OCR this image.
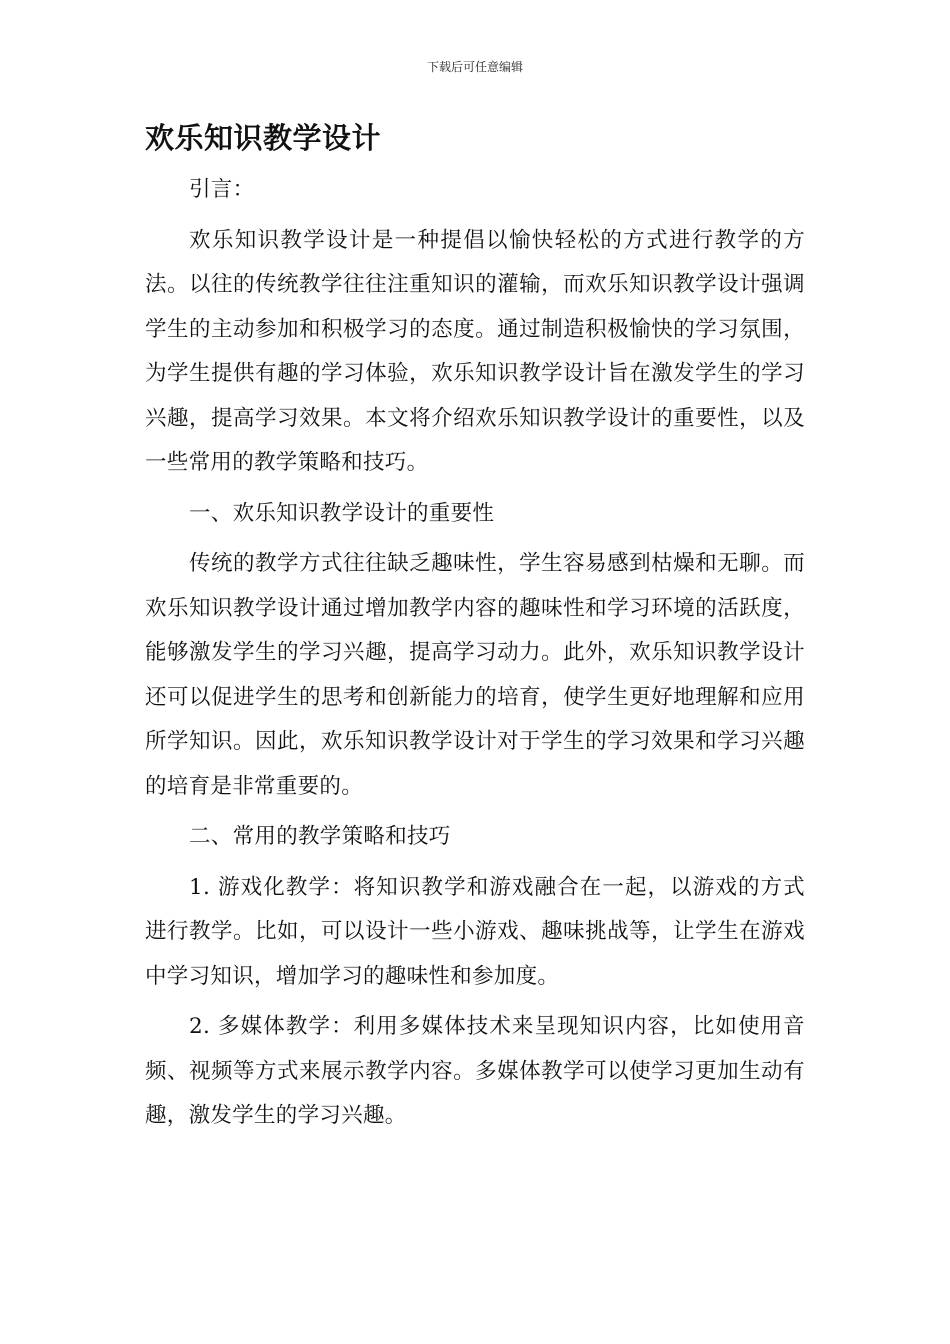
下载后可任意编辑
欢乐知识教学设计

引言：

欢乐知识教学设计是一种提倡以愉快轻松的方式进行教学的方法。以往的传统教学往往注重知识的灌输，而欢乐知识教学设计强调学生的主动参加和积极学习的态度。通过制造积极愉快的学习氛围，为学生提供有趣的学习体验，欢乐知识教学设计旨在激发学生的学习兴趣，提高学习效果。本文将介绍欢乐知识教学设计的重要性，以及一些常用的教学策略和技巧。

一、欢乐知识教学设计的重要性

传统的教学方式往往缺乏趣味性，学生容易感到枯燥和无聊。而欢乐知识教学设计通过增加教学内容的趣味性和学习环境的活跃度，能够激发学生的学习兴趣，提高学习动力。此外，欢乐知识教学设计还可以促进学生的思考和创新能力的培育，使学生更好地理解和应用所学知识。因此，欢乐知识教学设计对于学生的学习效果和学习兴趣的培育是非常重要的。

二、常用的教学策略和技巧

1. 游戏化教学：将知识教学和游戏融合在一起，以游戏的方式进行教学。比如，可以设计一些小游戏、趣味挑战等，让学生在游戏中学习知识，增加学习的趣味性和参加度。

2. 多媒体教学：利用多媒体技术来呈现知识内容，比如使用音频、视频等方式来展示教学内容。多媒体教学可以使学习更加生动有趣，激发学生的学习兴趣。
